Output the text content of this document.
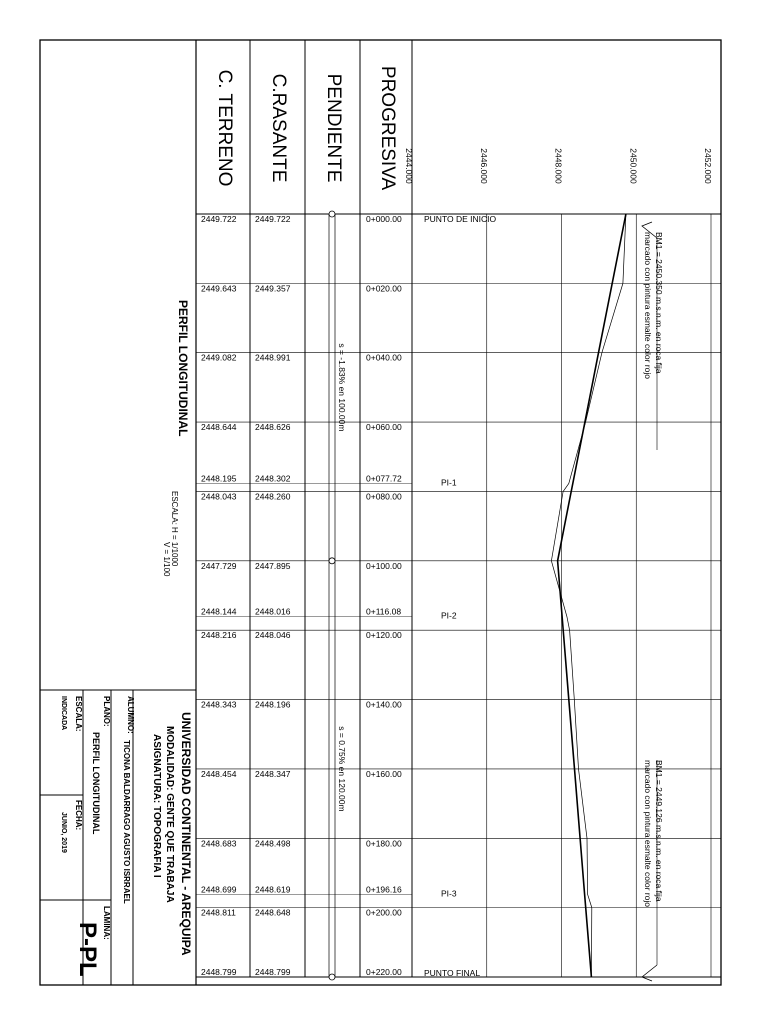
C. TERRENO C.RASANTE PENDIENTE PROGRESIVA 2444.000	2446.000	2448.000	2450.000	2452.000
2449.722 2449.722	0+000.00
2449.643 2449.357	0+020.00
2449.082 2448.991	0+040.00
2448.644 2448.626	0+060.00
2448.195 2448.302	0+077.72
2448.043 2448.260	0+080.00
2447.729 2447.895	0+100.00
2448.144 2448.016	0+116.08
2448.216 2448.046	0+120.00
2448.343 2448.196	0+140.00
2448.454 2448.347	0+160.00
2448.683 2448.498	0+180.00
2448.699 2448.619	0+196.16
2448.811 2448.648	0+200.00
2448.799 2448.799	0+220.00
s = -1.83% en 100.00m
s = 0.75% en 120.00m
PUNTO DE INICIO
PUNTO FINAL
PI-1
PI-2
PI-3
BM1 = 2450.350 m.s.n.m. en roca fija
marcado con pintura esmalte color rojo
BM1 = 2449.126 m.s.n.m. en roca fija
marcado con pintura esmalte color rojo
PERFIL LONGITUDINAL
ESCALA: H = 1/1000
V = 1/100
UNIVERSIDAD CONTINENTAL - AREQUIPA
MODALIDAD: GENTE QUE TRABAJA
ASIGNATURA: TOPOGRAFIA I
ALUMNO:
TICONA BALDARRAGO AGUSTO ISRRAEL
PLANO:
PERFIL LONGITUDINAL
LAMINA:
P-PL
ESCALA:
INDICADA
FECHA:
JUNIO, 2019
